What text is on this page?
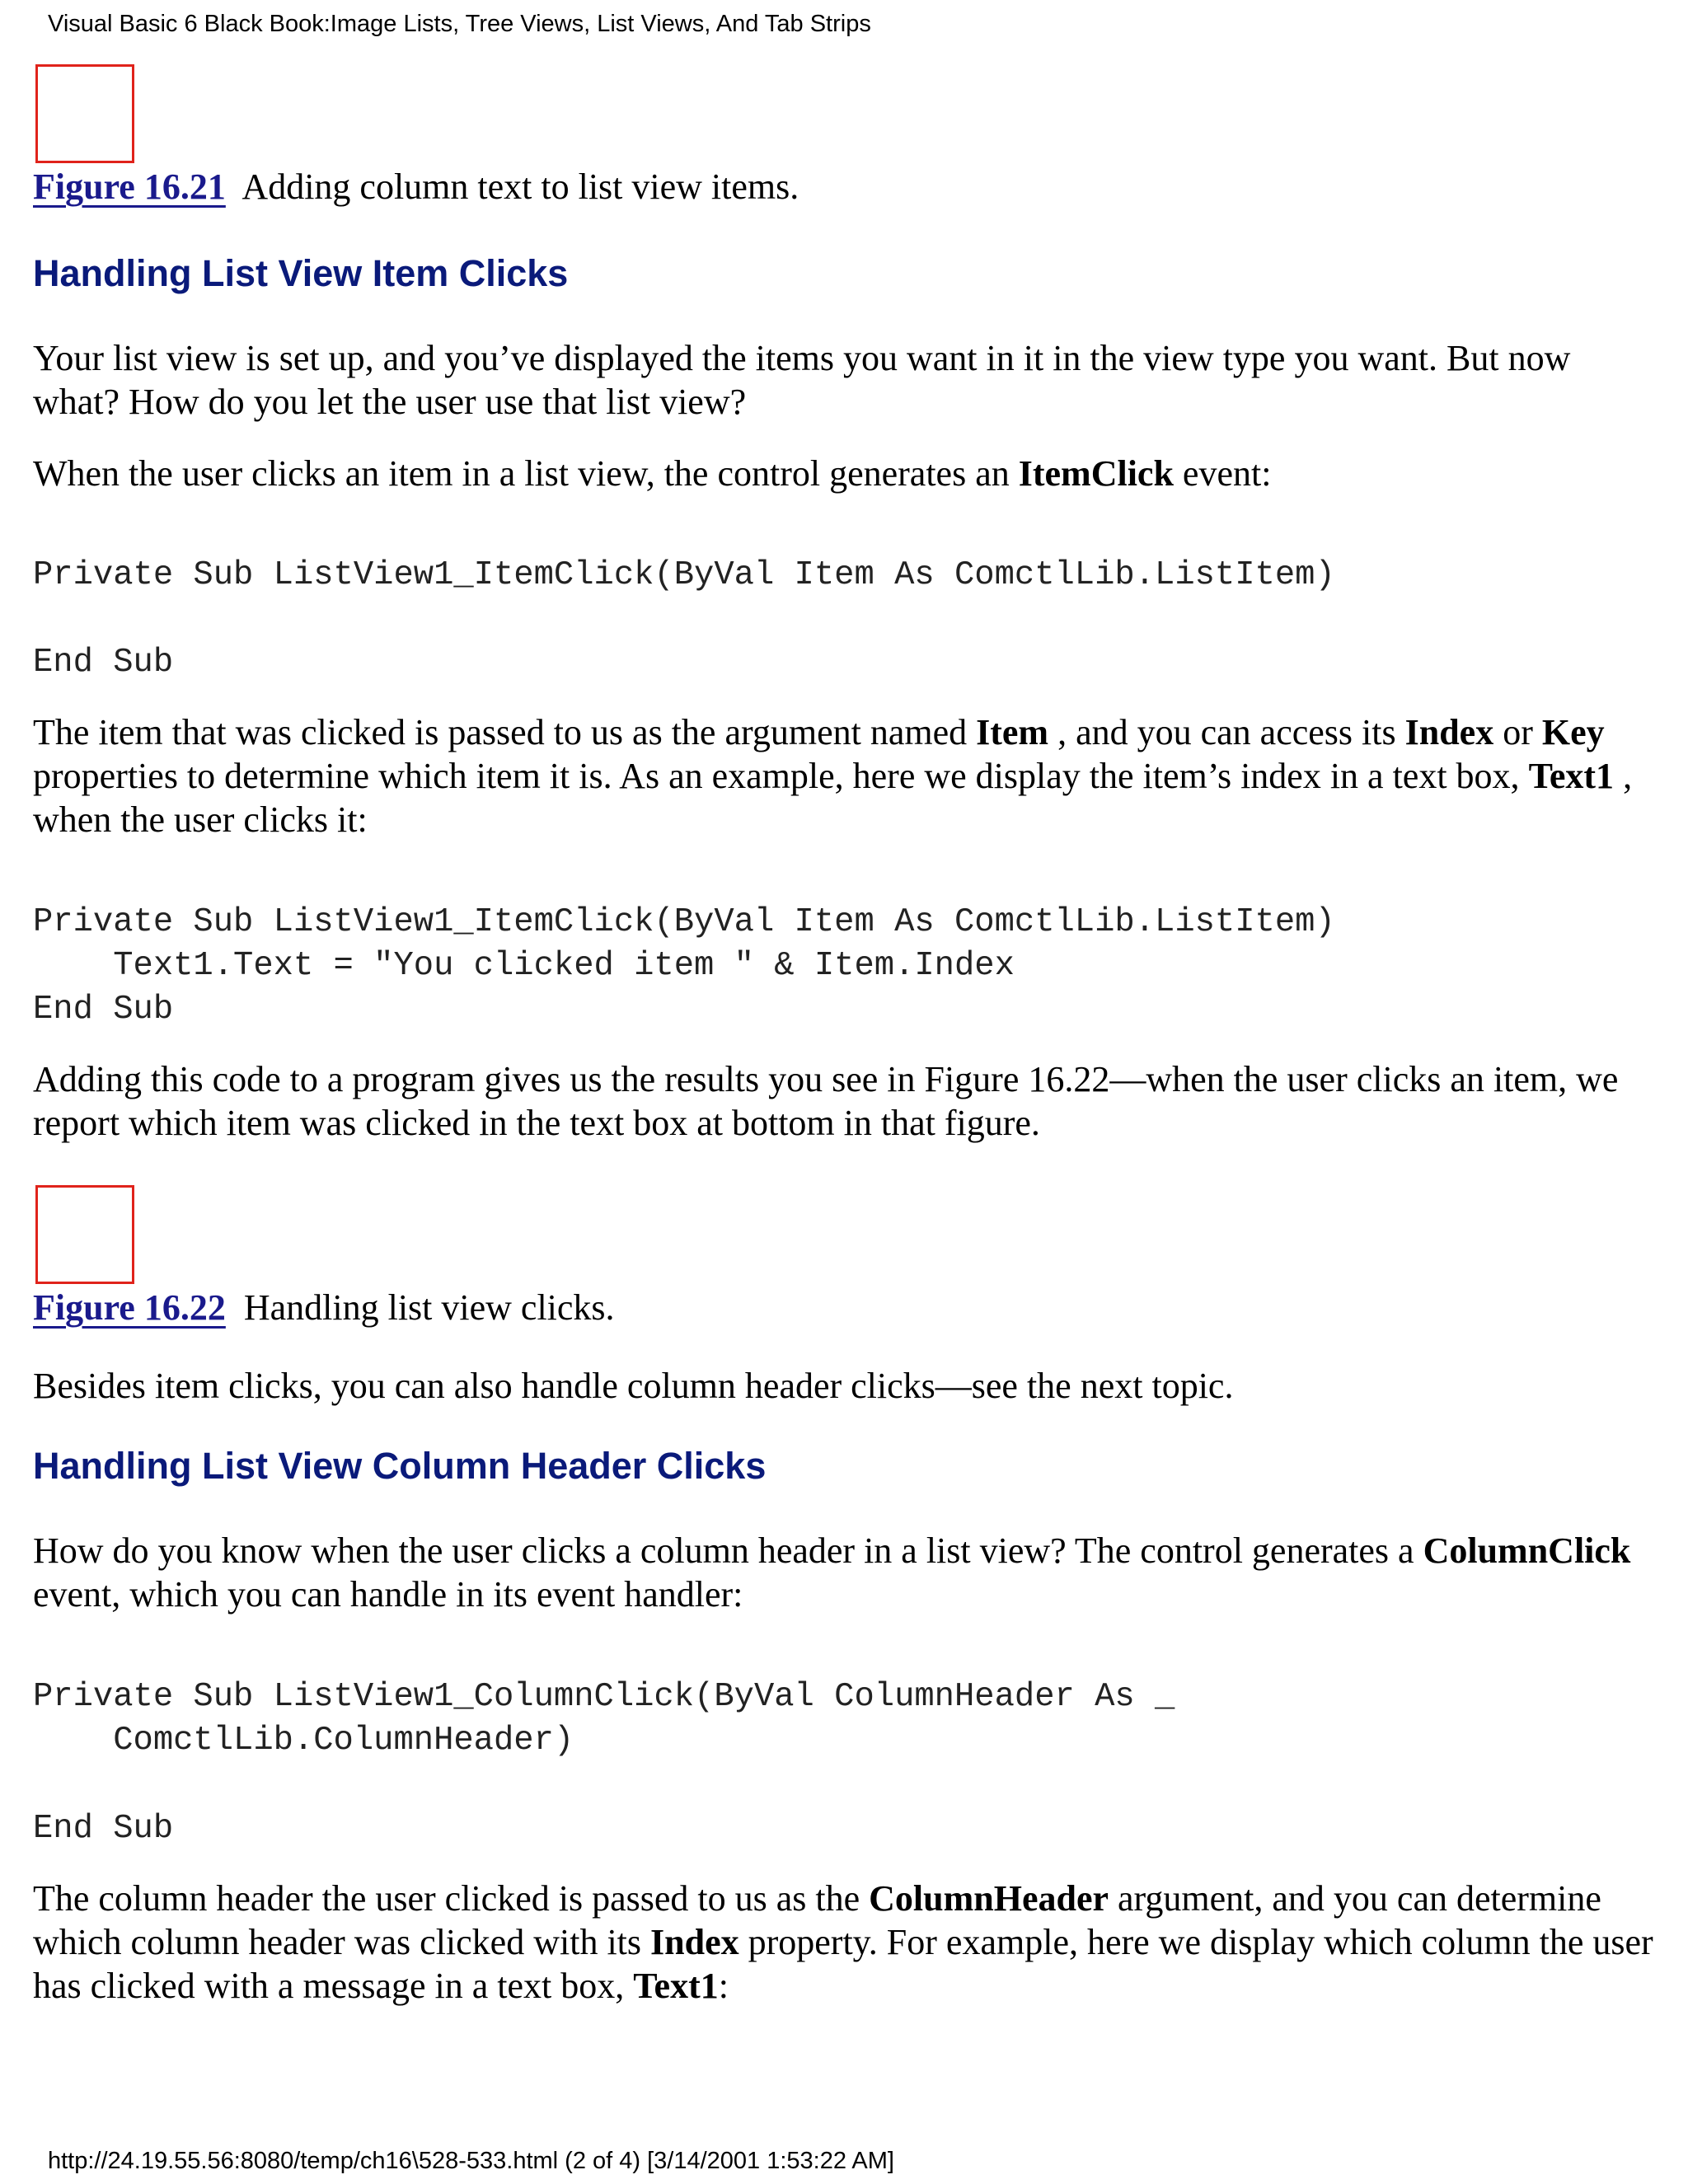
Visual Basic 6 Black Book:Image Lists, Tree Views, List Views, And Tab Strips
Figure 16.21 Adding column text to list view items.
Handling List View Item Clicks

Your list view is set up, and you’ve displayed the items you want in it in the view type you want. But now what? How do you let the user use that list view?

When the user clicks an item in a list view, the control generates an ItemClick event:

Private Sub ListView1_ItemClick(ByVal Item As ComctlLib.ListItem)
End Sub

The item that was clicked is passed to us as the argument named Item , and you can access its Index or Key properties to determine which item it is. As an example, here we display the item’s index in a text box, Text1 , when the user clicks it:

Private Sub ListView1_ItemClick(ByVal Item As ComctlLib.ListItem)
Text1.Text = "You clicked item " & Item.Index
End Sub

Adding this code to a program gives us the results you see in Figure 16.22—when the user clicks an item, we report which item was clicked in the text box at bottom in that figure.

Figure 16.22 Handling list view clicks.

Besides item clicks, you can also handle column header clicks—see the next topic.

Handling List View Column Header Clicks

How do you know when the user clicks a column header in a list view? The control generates a ColumnClick event, which you can handle in its event handler:

Private Sub ListView1_ColumnClick(ByVal ColumnHeader As _
ComctlLib.ColumnHeader)
End Sub

The column header the user clicked is passed to us as the ColumnHeader argument, and you can determine which column header was clicked with its Index property. For example, here we display which column the user has clicked with a message in a text box, Text1:

http://24.19.55.56:8080/temp/ch16\528-533.html (2 of 4) [3/14/2001 1:53:22 AM]
